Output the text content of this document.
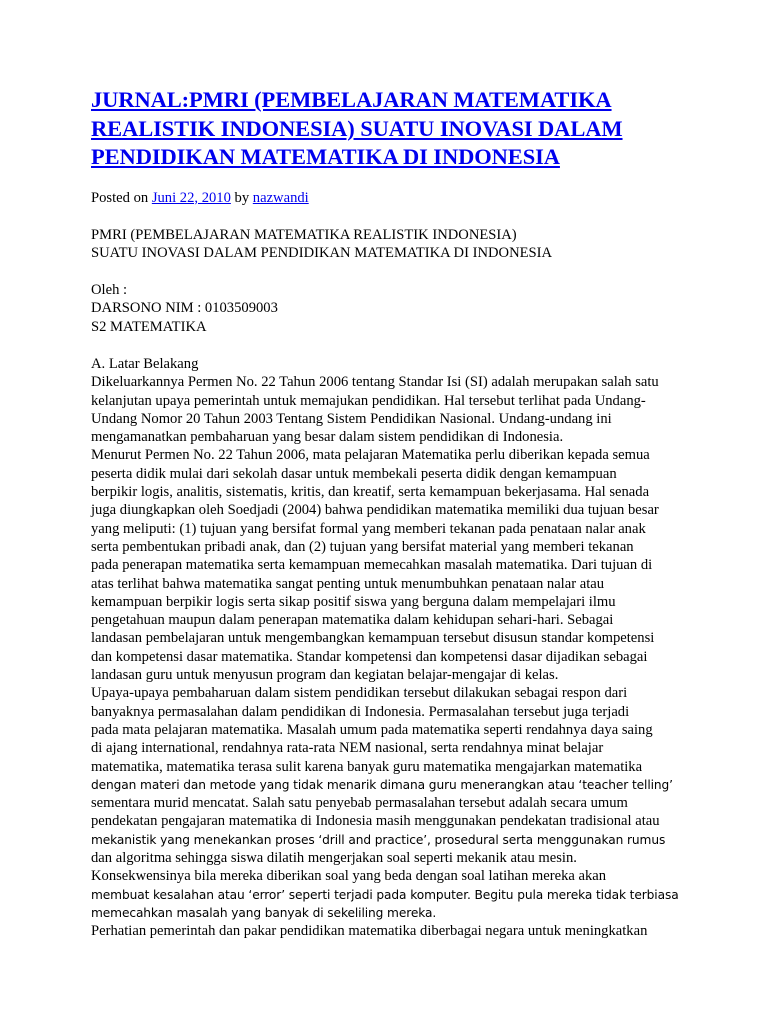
JURNAL:PMRI (PEMBELAJARAN MATEMATIKA
REALISTIK INDONESIA) SUATU INOVASI DALAM
PENDIDIKAN MATEMATIKA DI INDONESIA
Posted on Juni 22, 2010 by nazwandi
PMRI (PEMBELAJARAN MATEMATIKA REALISTIK INDONESIA)
SUATU INOVASI DALAM PENDIDIKAN MATEMATIKA DI INDONESIA
Oleh :
DARSONO NIM : 0103509003
S2 MATEMATIKA
A. Latar Belakang
Dikeluarkannya Permen No. 22 Tahun 2006 tentang Standar Isi (SI) adalah merupakan salah satu
kelanjutan upaya pemerintah untuk memajukan pendidikan. Hal tersebut terlihat pada Undang-
Undang Nomor 20 Tahun 2003 Tentang Sistem Pendidikan Nasional. Undang-undang ini
mengamanatkan pembaharuan yang besar dalam sistem pendidikan di Indonesia.
Menurut Permen No. 22 Tahun 2006, mata pelajaran Matematika perlu diberikan kepada semua
peserta didik mulai dari sekolah dasar untuk membekali peserta didik dengan kemampuan
berpikir logis, analitis, sistematis, kritis, dan kreatif, serta kemampuan bekerjasama. Hal senada
juga diungkapkan oleh Soedjadi (2004) bahwa pendidikan matematika memiliki dua tujuan besar
yang meliputi: (1) tujuan yang bersifat formal yang memberi tekanan pada penataan nalar anak
serta pembentukan pribadi anak, dan (2) tujuan yang bersifat material yang memberi tekanan
pada penerapan matematika serta kemampuan memecahkan masalah matematika. Dari tujuan di
atas terlihat bahwa matematika sangat penting untuk menumbuhkan penataan nalar atau
kemampuan berpikir logis serta sikap positif siswa yang berguna dalam mempelajari ilmu
pengetahuan maupun dalam penerapan matematika dalam kehidupan sehari-hari. Sebagai
landasan pembelajaran untuk mengembangkan kemampuan tersebut disusun standar kompetensi
dan kompetensi dasar matematika. Standar kompetensi dan kompetensi dasar dijadikan sebagai
landasan guru untuk menyusun program dan kegiatan belajar-mengajar di kelas.
Upaya-upaya pembaharuan dalam sistem pendidikan tersebut dilakukan sebagai respon dari
banyaknya permasalahan dalam pendidikan di Indonesia. Permasalahan tersebut juga terjadi
pada mata pelajaran matematika. Masalah umum pada matematika seperti rendahnya daya saing
di ajang international, rendahnya rata-rata NEM nasional, serta rendahnya minat belajar
matematika, matematika terasa sulit karena banyak guru matematika mengajarkan matematika
dengan materi dan metode yang tidak menarik dimana guru menerangkan atau ‘teacher telling’
sementara murid mencatat. Salah satu penyebab permasalahan tersebut adalah secara umum
pendekatan pengajaran matematika di Indonesia masih menggunakan pendekatan tradisional atau
mekanistik yang menekankan proses ‘drill and practice’, prosedural serta menggunakan rumus
dan algoritma sehingga siswa dilatih mengerjakan soal seperti mekanik atau mesin.
Konsekwensinya bila mereka diberikan soal yang beda dengan soal latihan mereka akan
membuat kesalahan atau ‘error’ seperti terjadi pada komputer. Begitu pula mereka tidak terbiasa
memecahkan masalah yang banyak di sekeliling mereka.
Perhatian pemerintah dan pakar pendidikan matematika diberbagai negara untuk meningkatkan
